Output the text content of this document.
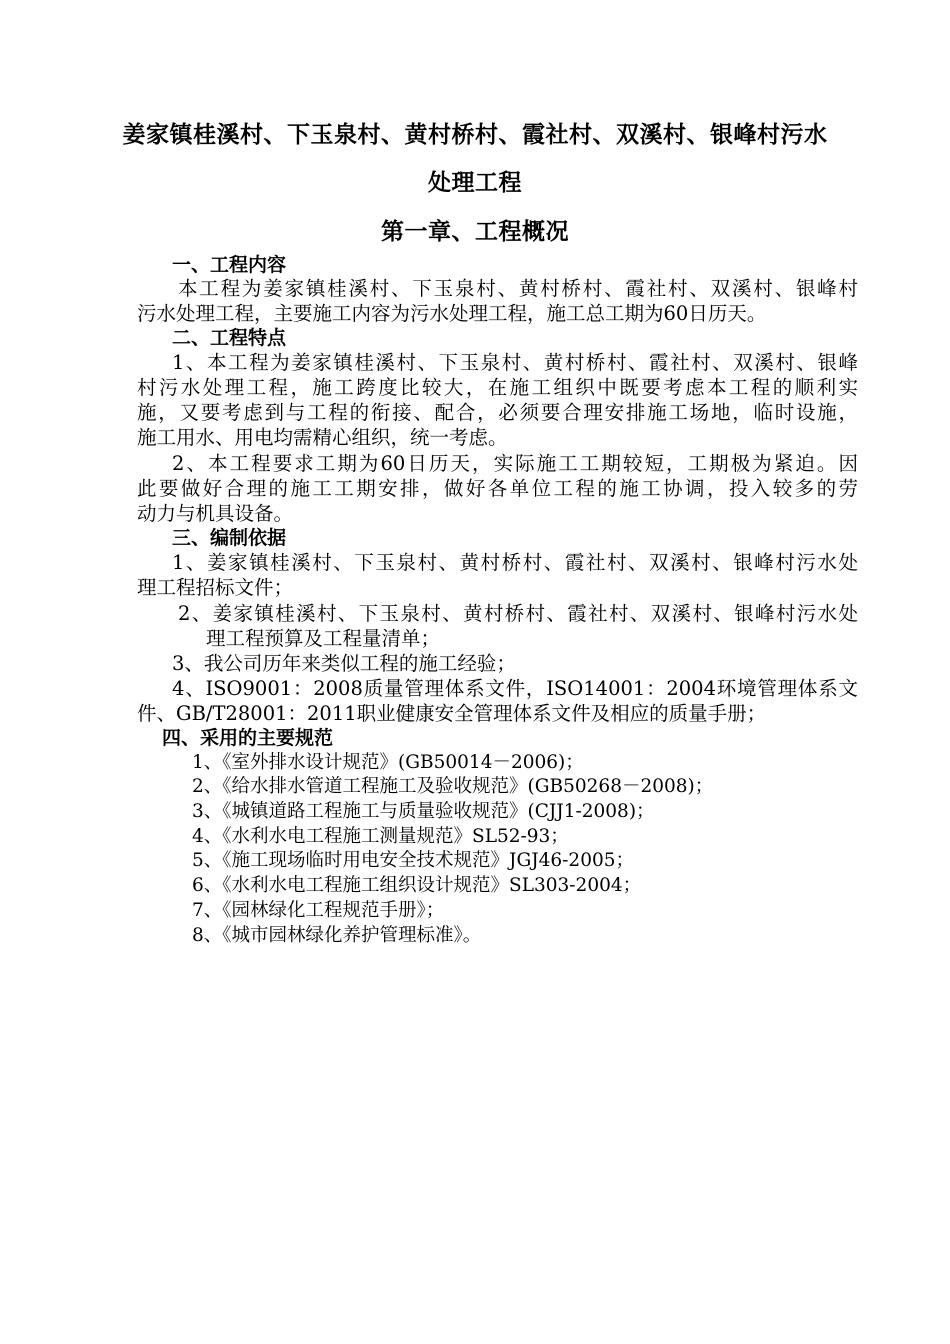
姜家镇桂溪村、下玉泉村、黄村桥村、霞社村、双溪村、银峰村污水
处理工程
第一章、工程概况
一、工程内容
本工程为姜家镇桂溪村、下玉泉村、黄村桥村、霞社村、双溪村、银峰村
污水处理工程，主要施工内容为污水处理工程，施工总工期为60日历天。
二、工程特点
1、本工程为姜家镇桂溪村、下玉泉村、黄村桥村、霞社村、双溪村、银峰
村污水处理工程，施工跨度比较大，在施工组织中既要考虑本工程的顺利实
施，又要考虑到与工程的衔接、配合，必须要合理安排施工场地，临时设施，
施工用水、用电均需精心组织，统一考虑。
2、本工程要求工期为60日历天，实际施工工期较短，工期极为紧迫。因
此要做好合理的施工工期安排，做好各单位工程的施工协调，投入较多的劳
动力与机具设备。
三、编制依据
1、姜家镇桂溪村、下玉泉村、黄村桥村、霞社村、双溪村、银峰村污水处
理工程招标文件；
2、姜家镇桂溪村、下玉泉村、黄村桥村、霞社村、双溪村、银峰村污水处
理工程预算及工程量清单；
3、我公司历年来类似工程的施工经验；
4、ISO9001：2008质量管理体系文件，ISO14001：2004环境管理体系文
件、GB/T28001：2011职业健康安全管理体系文件及相应的质量手册；
四、采用的主要规范
1、《室外排水设计规范》(GB50014－2006)；
2、《给水排水管道工程施工及验收规范》(GB50268－2008)；
3、《城镇道路工程施工与质量验收规范》(CJJ1-2008)；
4、《水利水电工程施工测量规范》SL52-93；
5、《施工现场临时用电安全技术规范》JGJ46-2005；
6、《水利水电工程施工组织设计规范》SL303-2004；
7、《园林绿化工程规范手册》；
8、《城市园林绿化养护管理标准》。
